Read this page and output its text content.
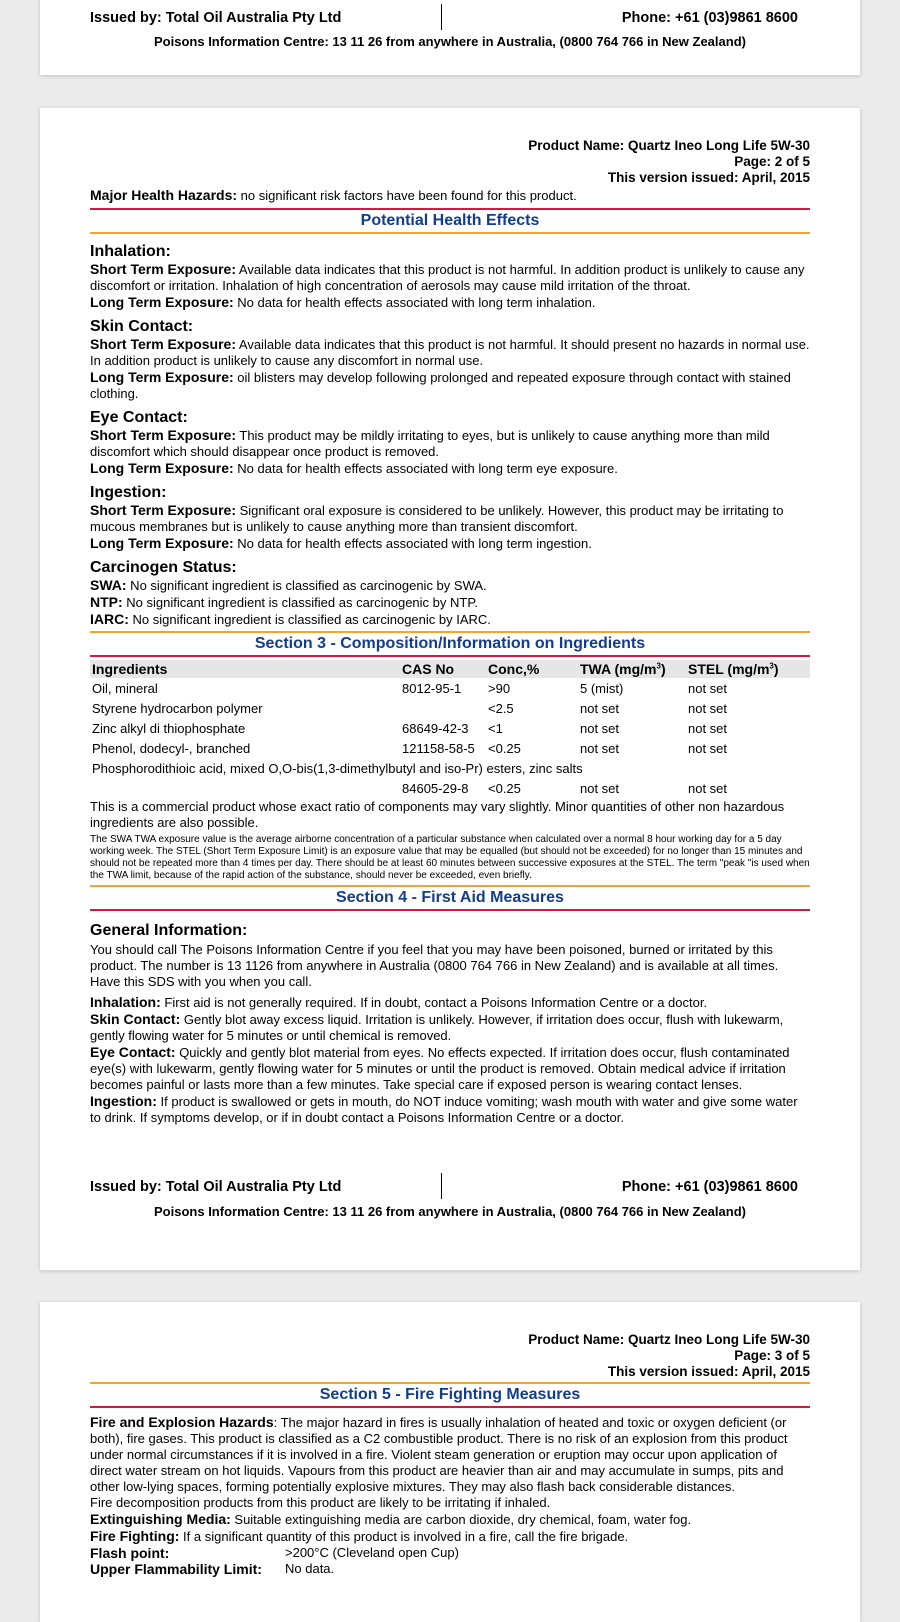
Issued by: Total Oil Australia Pty Ltd	Phone: +61 (03)9861 8600
Poisons Information Centre: 13 11 26 from anywhere in Australia, (0800 764 766 in New Zealand)
Product Name: Quartz Ineo Long Life 5W-30
Page: 2 of 5
This version issued: April, 2015

Major Health Hazards: no significant risk factors have been found for this product.

Potential Health Effects
Inhalation:

Short Term Exposure: Available data indicates that this product is not harmful. In addition product is unlikely to cause any discomfort or irritation. Inhalation of high concentration of aerosols may cause mild irritation of the throat.

Long Term Exposure: No data for health effects associated with long term inhalation.

Skin Contact:

Short Term Exposure: Available data indicates that this product is not harmful. It should present no hazards in normal use. In addition product is unlikely to cause any discomfort in normal use.

Long Term Exposure: oil blisters may develop following prolonged and repeated exposure through contact with stained clothing.

Eye Contact:

Short Term Exposure: This product may be mildly irritating to eyes, but is unlikely to cause anything more than mild discomfort which should disappear once product is removed.

Long Term Exposure: No data for health effects associated with long term eye exposure.

Ingestion:

Short Term Exposure: Significant oral exposure is considered to be unlikely. However, this product may be irritating to mucous membranes but is unlikely to cause anything more than transient discomfort.

Long Term Exposure: No data for health effects associated with long term ingestion.

Carcinogen Status:

SWA: No significant ingredient is classified as carcinogenic by SWA.

NTP: No significant ingredient is classified as carcinogenic by NTP.

IARC: No significant ingredient is classified as carcinogenic by IARC.

Section 3 - Composition/Information on Ingredients
Ingredients	CAS No	Conc,%	TWA $(mg/m^3)$	STEL $(mg/m^3)$
Oil, mineral	8012-95-1	>90	5 (mist)	not set
Styrene hydrocarbon polymer		<2.5	not set	not set
Zinc alkyl di thiophosphate	68649-42-3	<1	not set	not set
Phenol, dodecyl-, branched	121158-58-5	<0.25	not set	not set
Phosphorodithioic acid, mixed O,O-bis(1,3-dimethylbutyl and iso-Pr) esters, zinc salts				
	84605-29-8	<0.25	not set	not set

This is a commercial product whose exact ratio of components may vary slightly. Minor quantities of other non hazardous ingredients are also possible.

The SWA TWA exposure value is the average airborne concentration of a particular substance when calculated over a normal 8 hour working day for a 5 day working week. The STEL (Short Term Exposure Limit) is an exposure value that may be equalled (but should not be exceeded) for no longer than 15 minutes and should not be repeated more than 4 times per day. There should be at least 60 minutes between successive exposures at the STEL. The term "peak "is used when the TWA limit, because of the rapid action of the substance, should never be exceeded, even briefly.

Section 4 - First Aid Measures
General Information:

You should call The Poisons Information Centre if you feel that you may have been poisoned, burned or irritated by this product. The number is 13 1126 from anywhere in Australia (0800 764 766 in New Zealand) and is available at all times. Have this SDS with you when you call.

Inhalation: First aid is not generally required. If in doubt, contact a Poisons Information Centre or a doctor.

Skin Contact: Gently blot away excess liquid. Irritation is unlikely. However, if irritation does occur, flush with lukewarm, gently flowing water for 5 minutes or until chemical is removed.

Eye Contact: Quickly and gently blot material from eyes. No effects expected. If irritation does occur, flush contaminated eye(s) with lukewarm, gently flowing water for 5 minutes or until the product is removed. Obtain medical advice if irritation becomes painful or lasts more than a few minutes. Take special care if exposed person is wearing contact lenses.

Ingestion: If product is swallowed or gets in mouth, do NOT induce vomiting; wash mouth with water and give some water to drink. If symptoms develop, or if in doubt contact a Poisons Information Centre or a doctor.

Issued by: Total Oil Australia Pty Ltd	Phone: +61 (03)9861 8600
Poisons Information Centre: 13 11 26 from anywhere in Australia, (0800 764 766 in New Zealand)
Product Name: Quartz Ineo Long Life 5W-30
Page: 3 of 5
This version issued: April, 2015
Section 5 - Fire Fighting Measures

Fire and Explosion Hazards: The major hazard in fires is usually inhalation of heated and toxic or oxygen deficient (or both), fire gases. This product is classified as a C2 combustible product. There is no risk of an explosion from this product under normal circumstances if it is involved in a fire. Violent steam generation or eruption may occur upon application of direct water stream on hot liquids. Vapours from this product are heavier than air and may accumulate in sumps, pits and other low-lying spaces, forming potentially explosive mixtures. They may also flash back considerable distances.

Fire decomposition products from this product are likely to be irritating if inhaled.

Extinguishing Media: Suitable extinguishing media are carbon dioxide, dry chemical, foam, water fog.

Fire Fighting: If a significant quantity of this product is involved in a fire, call the fire brigade.

Flash point:	>200°C (Cleveland open Cup)
Upper Flammability Limit:	No data.
